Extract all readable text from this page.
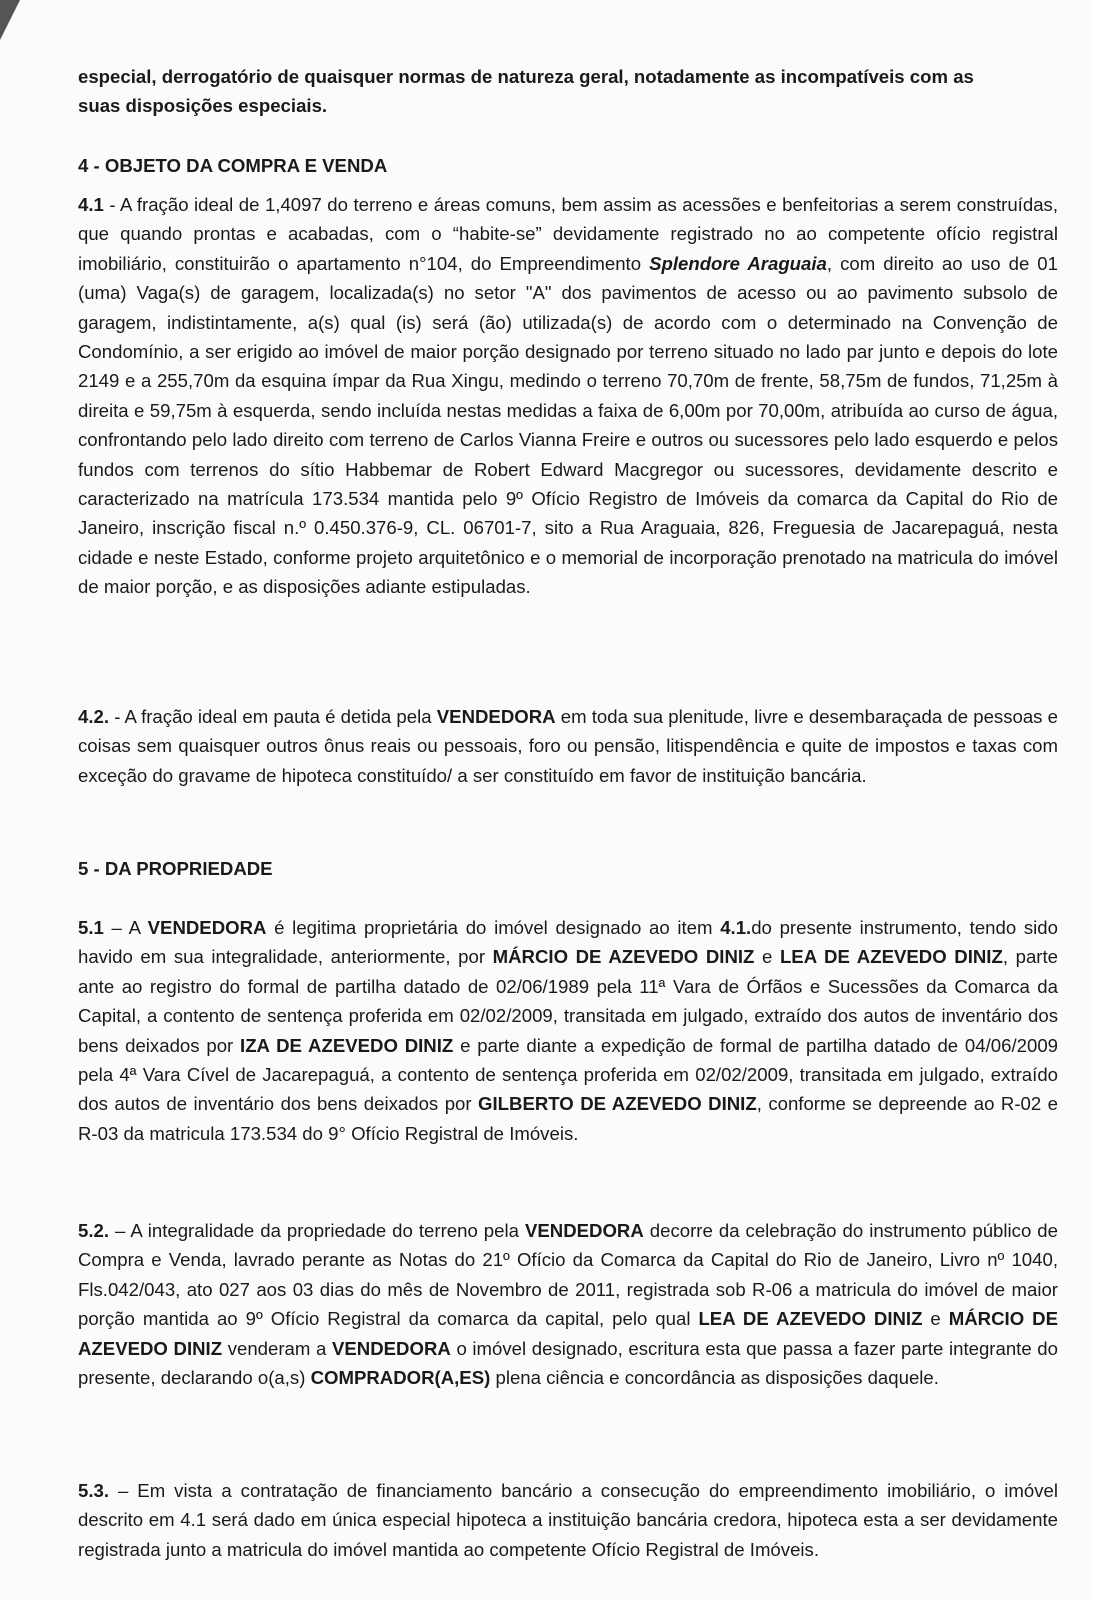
especial, derrogatório de quaisquer normas de natureza geral, notadamente as incompatíveis com as
suas disposições especiais.
4 - OBJETO DA COMPRA E VENDA
4.1 - A fração ideal de 1,4097 do terreno e áreas comuns, bem assim as acessões e benfeitorias a serem construídas, que quando prontas e acabadas, com o “habite-se” devidamente registrado no ao competente ofício registral imobiliário, constituirão o apartamento n°104, do Empreendimento Splendore Araguaia, com direito ao uso de 01 (uma) Vaga(s) de garagem, localizada(s) no setor "A" dos pavimentos de acesso ou ao pavimento subsolo de garagem, indistintamente, a(s) qual (is) será (ão) utilizada(s) de acordo com o determinado na Convenção de Condomínio, a ser erigido ao imóvel de maior porção designado por terreno situado no lado par junto e depois do lote 2149 e a 255,70m da esquina ímpar da Rua Xingu, medindo o terreno 70,70m de frente, 58,75m de fundos, 71,25m à direita e 59,75m à esquerda, sendo incluída nestas medidas a faixa de 6,00m por 70,00m, atribuída ao curso de água, confrontando pelo lado direito com terreno de Carlos Vianna Freire e outros ou sucessores pelo lado esquerdo e pelos fundos com terrenos do sítio Habbemar de Robert Edward Macgregor ou sucessores, devidamente descrito e caracterizado na matrícula 173.534 mantida pelo 9º Ofício Registro de Imóveis da comarca da Capital do Rio de Janeiro, inscrição fiscal n.º 0.450.376-9, CL. 06701-7, sito a Rua Araguaia, 826, Freguesia de Jacarepaguá, nesta cidade e neste Estado, conforme projeto arquitetônico e o memorial de incorporação prenotado na matricula do imóvel de maior porção, e as disposições adiante estipuladas.
4.2. - A fração ideal em pauta é detida pela VENDEDORA em toda sua plenitude, livre e desembaraçada de pessoas e coisas sem quaisquer outros ônus reais ou pessoais, foro ou pensão, litispendência e quite de impostos e taxas com exceção do gravame de hipoteca constituído/ a ser constituído em favor de instituição bancária.
5 - DA PROPRIEDADE
5.1 – A VENDEDORA é legitima proprietária do imóvel designado ao item 4.1.do presente instrumento, tendo sido havido em sua integralidade, anteriormente, por MÁRCIO DE AZEVEDO DINIZ e LEA DE AZEVEDO DINIZ, parte ante ao registro do formal de partilha datado de 02/06/1989 pela 11ª Vara de Órfãos e Sucessões da Comarca da Capital, a contento de sentença proferida em 02/02/2009, transitada em julgado, extraído dos autos de inventário dos bens deixados por IZA DE AZEVEDO DINIZ e parte diante a expedição de formal de partilha datado de 04/06/2009 pela 4ª Vara Cível de Jacarepaguá, a contento de sentença proferida em 02/02/2009, transitada em julgado, extraído dos autos de inventário dos bens deixados por GILBERTO DE AZEVEDO DINIZ, conforme se depreende ao R-02 e R-03 da matricula 173.534 do 9° Ofício Registral de Imóveis.
5.2. – A integralidade da propriedade do terreno pela VENDEDORA decorre da celebração do instrumento público de Compra e Venda, lavrado perante as Notas do 21º Ofício da Comarca da Capital do Rio de Janeiro, Livro nº 1040, Fls.042/043, ato 027 aos 03 dias do mês de Novembro de 2011, registrada sob R-06 a matricula do imóvel de maior porção mantida ao 9º Ofício Registral da comarca da capital, pelo qual LEA DE AZEVEDO DINIZ e MÁRCIO DE AZEVEDO DINIZ venderam a VENDEDORA o imóvel designado, escritura esta que passa a fazer parte integrante do presente, declarando o(a,s) COMPRADOR(A,ES) plena ciência e concordância as disposições daquele.
5.3. – Em vista a contratação de financiamento bancário a consecução do empreendimento imobiliário, o imóvel descrito em 4.1 será dado em única especial hipoteca a instituição bancária credora, hipoteca esta a ser devidamente registrada junto a matricula do imóvel mantida ao competente Ofício Registral de Imóveis.
